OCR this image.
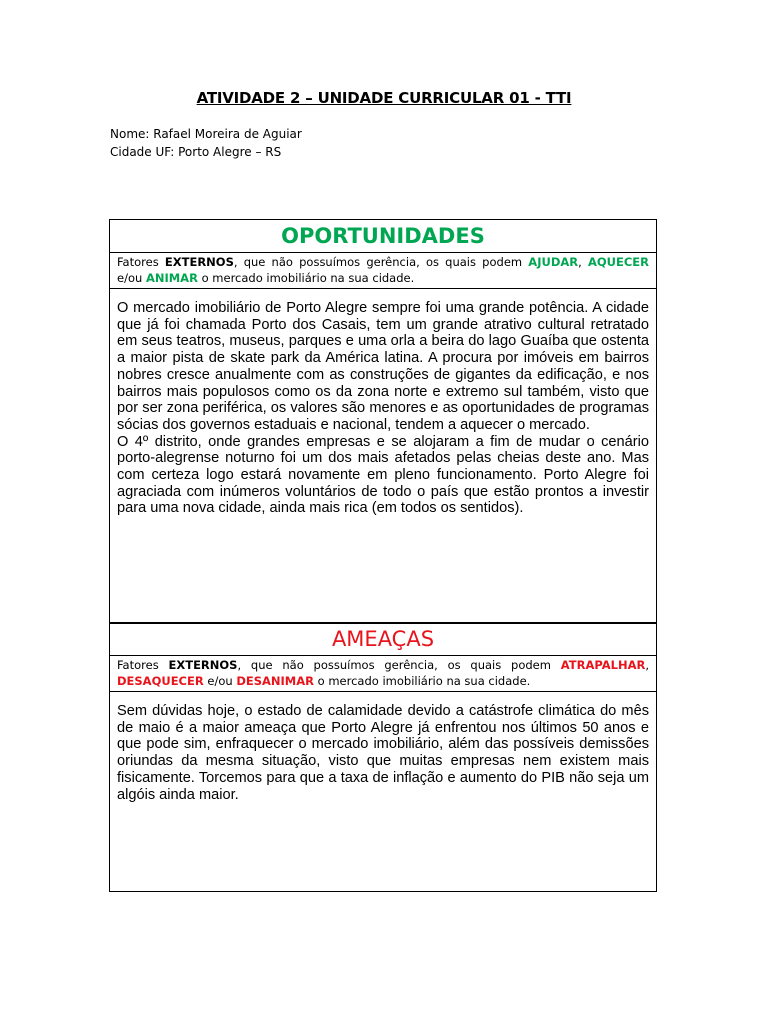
ATIVIDADE 2 – UNIDADE CURRICULAR 01 - TTI
Nome: Rafael Moreira de Aguiar
Cidade UF: Porto Alegre – RS
OPORTUNIDADES
Fatores EXTERNOS, que não possuímos gerência, os quais podem AJUDAR, AQUECER e/ou ANIMAR o mercado imobiliário na sua cidade.

O mercado imobiliário de Porto Alegre sempre foi uma grande potência. A cidade que já foi chamada Porto dos Casais, tem um grande atrativo cultural retratado em seus teatros, museus, parques e uma orla a beira do lago Guaíba que ostenta a maior pista de skate park da América latina. A procura por imóveis em bairros nobres cresce anualmente com as construções de gigantes da edificação, e nos bairros mais populosos como os da zona norte e extremo sul também, visto que por ser zona periférica, os valores são menores e as oportunidades de programas sócias dos governos estaduais e nacional, tendem a aquecer o mercado.

O 4º distrito, onde grandes empresas e se alojaram a fim de mudar o cenário porto-alegrense noturno foi um dos mais afetados pelas cheias deste ano. Mas com certeza logo estará novamente em pleno funcionamento. Porto Alegre foi agraciada com inúmeros voluntários de todo o país que estão prontos a investir para uma nova cidade, ainda mais rica (em todos os sentidos).

AMEAÇAS
Fatores EXTERNOS, que não possuímos gerência, os quais podem ATRAPALHAR, DESAQUECER e/ou DESANIMAR o mercado imobiliário na sua cidade.

Sem dúvidas hoje, o estado de calamidade devido a catástrofe climática do mês de maio é a maior ameaça que Porto Alegre já enfrentou nos últimos 50 anos e que pode sim, enfraquecer o mercado imobiliário, além das possíveis demissões oriundas da mesma situação, visto que muitas empresas nem existem mais fisicamente. Torcemos para que a taxa de inflação e aumento do PIB não seja um algóis ainda maior.
